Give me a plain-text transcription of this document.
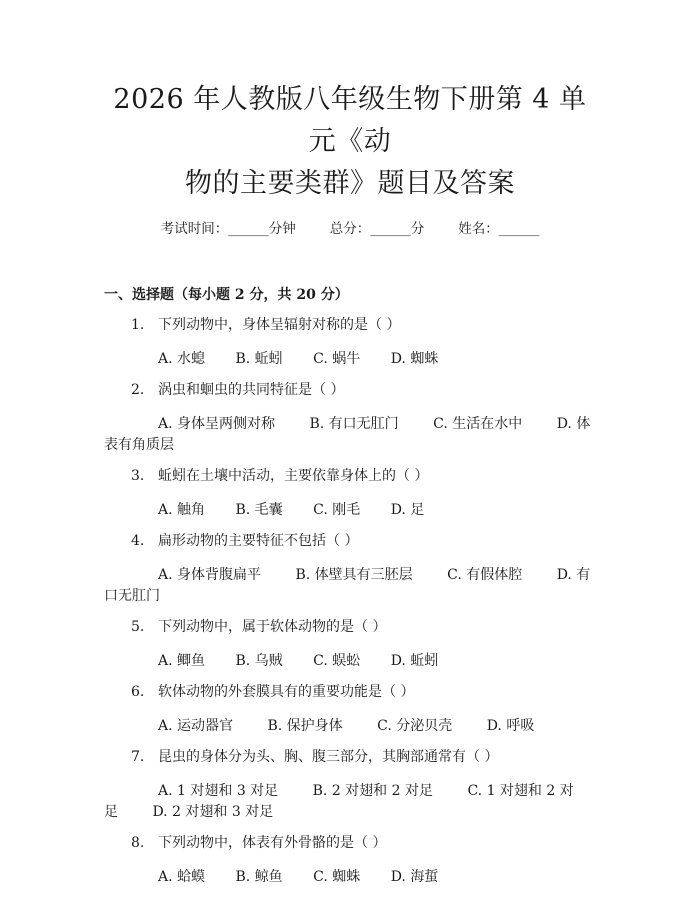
2026 年人教版八年级生物下册第 4 单元《动
物的主要类群》题目及答案
考试时间：______分钟	总分：______分	姓名：______
一、选择题（每小题 2 分，共 20 分）
1. 下列动物中，身体呈辐射对称的是（ ）
A. 水螅 B. 蚯蚓 C. 蜗牛 D. 蜘蛛
2. 涡虫和蛔虫的共同特征是（ ）
A. 身体呈两侧对称 B. 有口无肛门 C. 生活在水中 D. 体表有角质层
3. 蚯蚓在土壤中活动，主要依靠身体上的（ ）
A. 触角 B. 毛囊 C. 刚毛 D. 足
4. 扁形动物的主要特征不包括（ ）
A. 身体背腹扁平 B. 体壁具有三胚层 C. 有假体腔 D. 有口无肛门
5. 下列动物中，属于软体动物的是（ ）
A. 鲫鱼 B. 乌贼 C. 蜈蚣 D. 蚯蚓
6. 软体动物的外套膜具有的重要功能是（ ）
A. 运动器官 B. 保护身体 C. 分泌贝壳 D. 呼吸
7. 昆虫的身体分为头、胸、腹三部分，其胸部通常有（ ）
A. 1 对翅和 3 对足 B. 2 对翅和 2 对足 C. 1 对翅和 2 对足 D. 2 对翅和 3 对足
8. 下列动物中，体表有外骨骼的是（ ）
A. 蛤蟆 B. 鲸鱼 C. 蜘蛛 D. 海蜇
